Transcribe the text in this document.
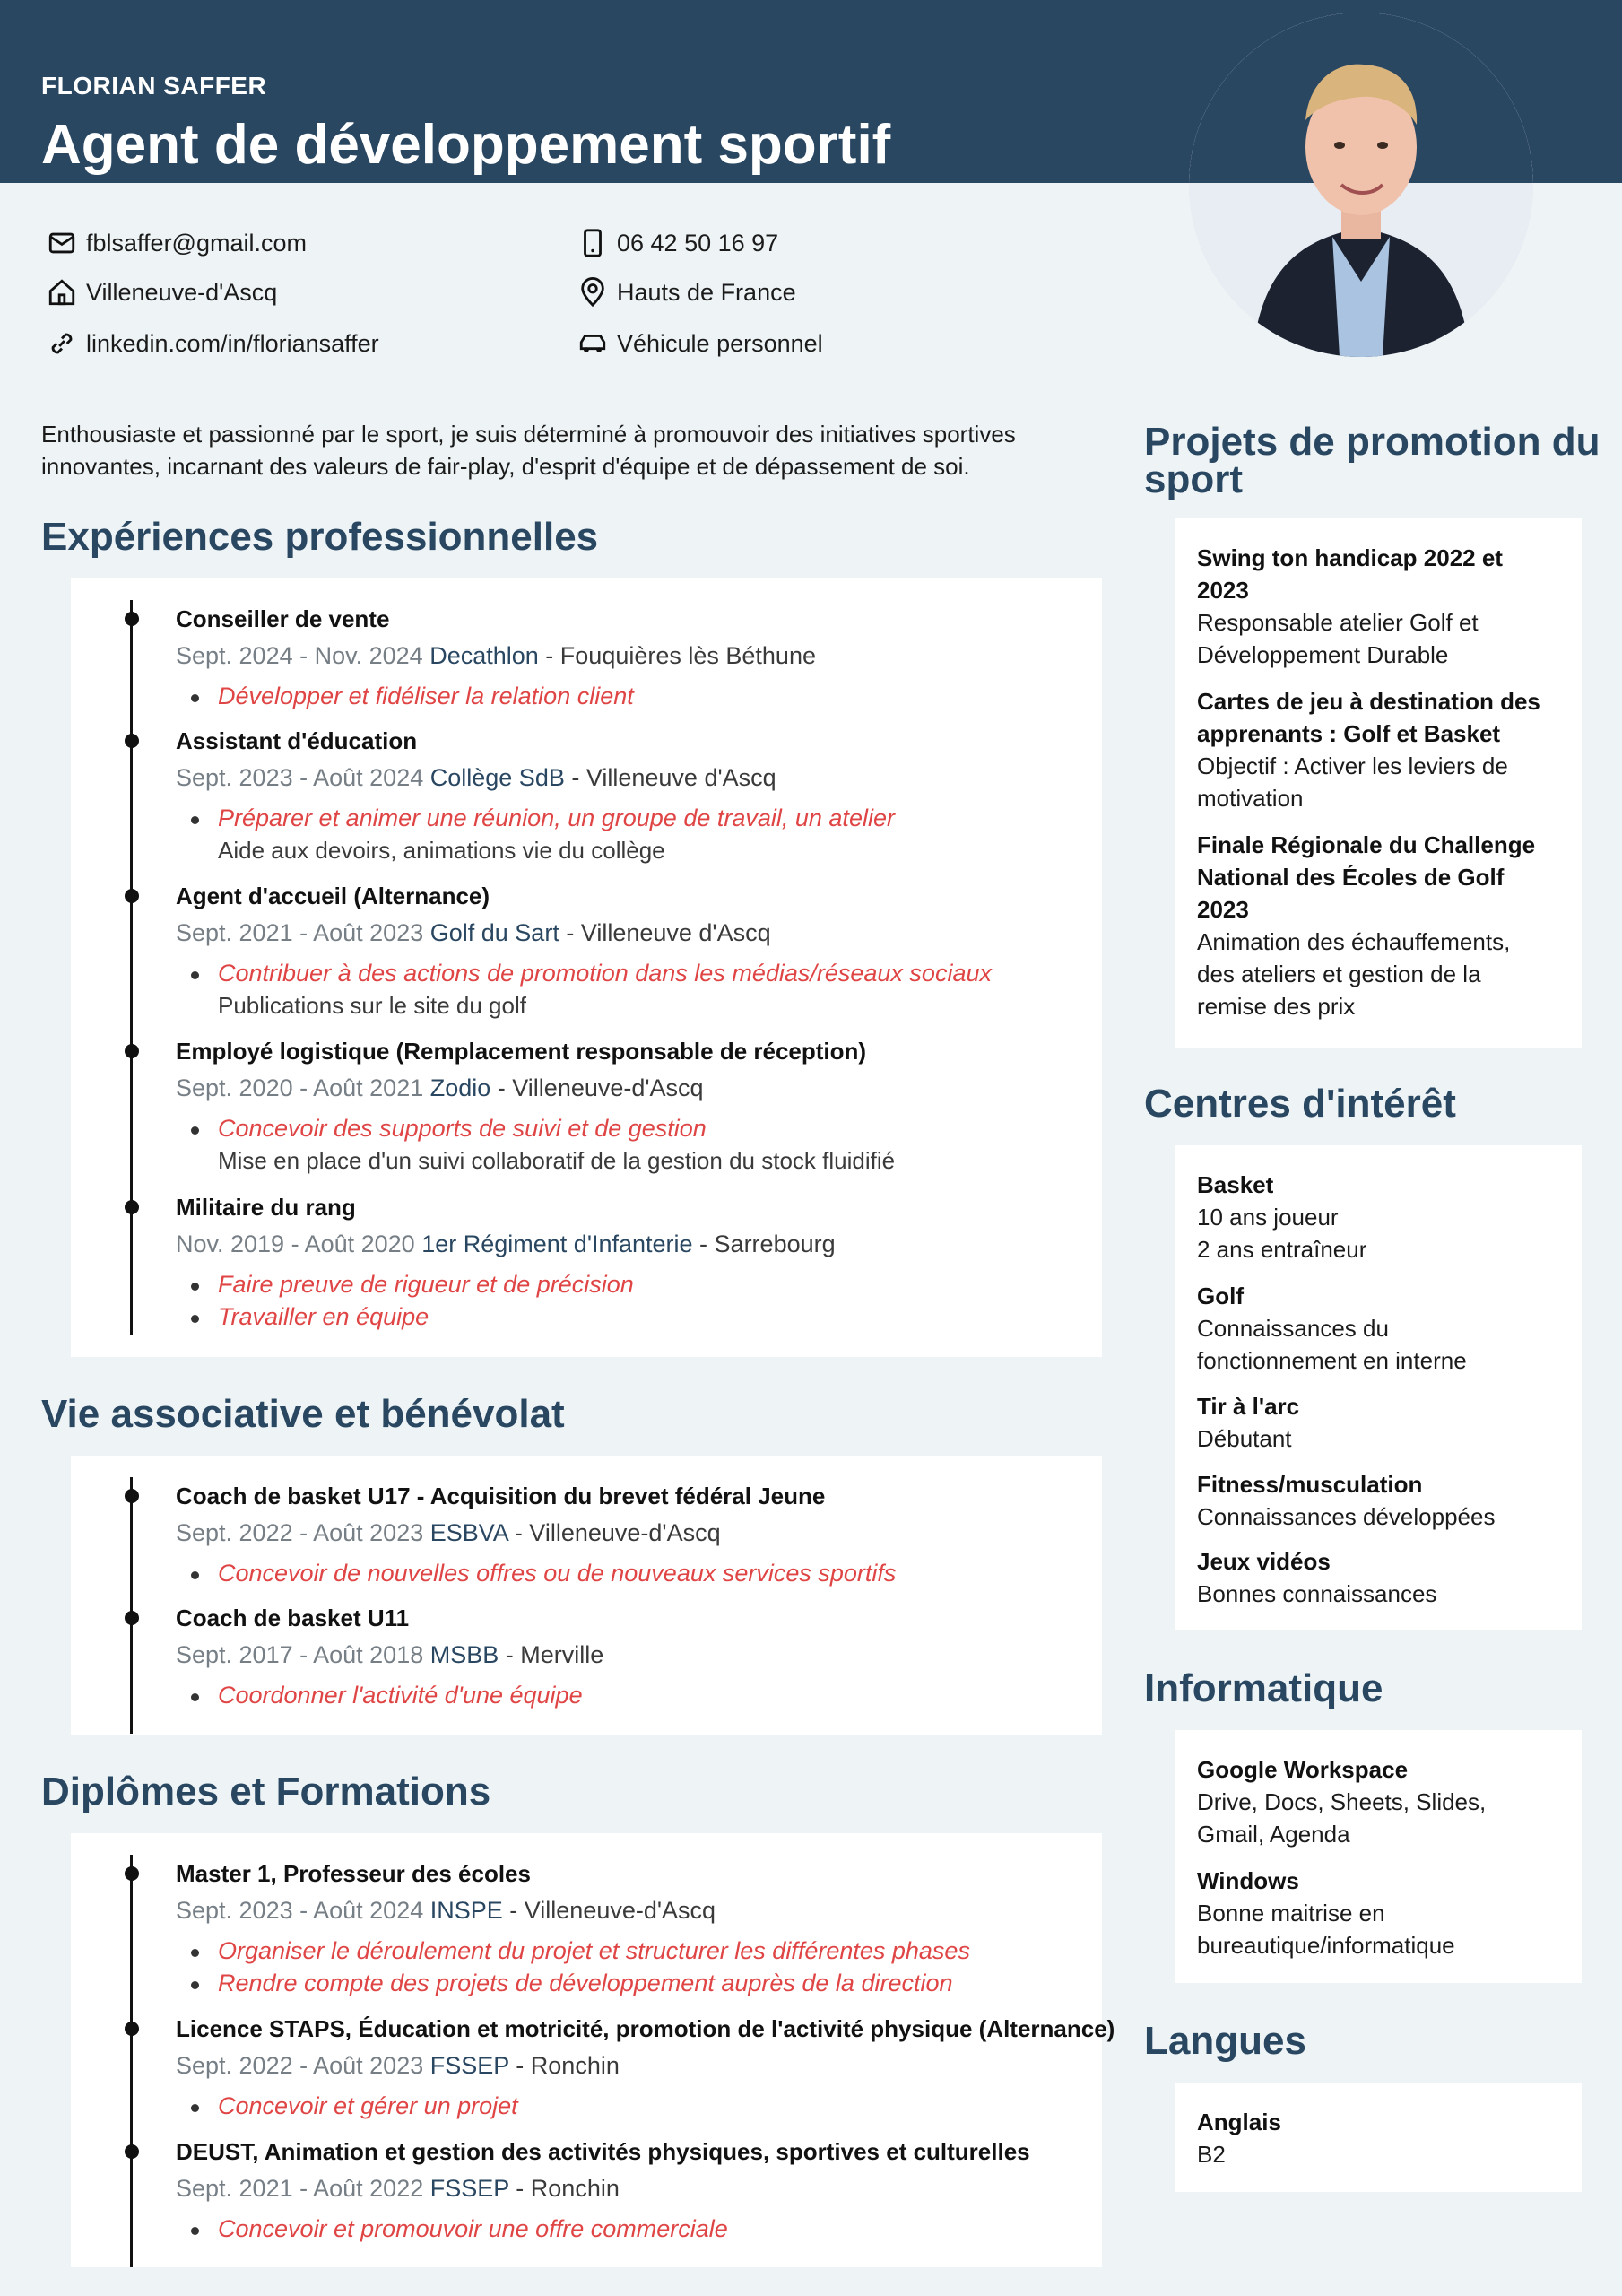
FLORIAN SAFFER
Agent de développement sportif
fblsaffer@gmail.com	06 42 50 16 97
Villeneuve-d'Ascq	Hauts de France
linkedin.com/in/floriansaffer	Véhicule personnel
Enthousiaste et passionné par le sport, je suis déterminé à promouvoir des initiatives sportives innovantes, incarnant des valeurs de fair-play, d'esprit d'équipe et de dépassement de soi.
Expériences professionnelles
Conseiller de vente
Sept. 2024 - Nov. 2024 Decathlon - Fouquières lès Béthune
Développer et fidéliser la relation client
Assistant d'éducation
Sept. 2023 - Août 2024 Collège SdB - Villeneuve d'Ascq
Préparer et animer une réunion, un groupe de travail, un atelier
Aide aux devoirs, animations vie du collège
Agent d'accueil (Alternance)
Sept. 2021 - Août 2023 Golf du Sart - Villeneuve d'Ascq
Contribuer à des actions de promotion dans les médias/réseaux sociaux
Publications sur le site du golf
Employé logistique (Remplacement responsable de réception)
Sept. 2020 - Août 2021 Zodio - Villeneuve-d'Ascq
Concevoir des supports de suivi et de gestion
Mise en place d'un suivi collaboratif de la gestion du stock fluidifié
Militaire du rang
Nov. 2019 - Août 2020 1er Régiment d'Infanterie - Sarrebourg
Faire preuve de rigueur et de précision
Travailler en équipe
Vie associative et bénévolat
Coach de basket U17 - Acquisition du brevet fédéral Jeune
Sept. 2022 - Août 2023 ESBVA - Villeneuve-d'Ascq
Concevoir de nouvelles offres ou de nouveaux services sportifs
Coach de basket U11
Sept. 2017 - Août 2018 MSBB - Merville
Coordonner l'activité d'une équipe
Diplômes et Formations
Master 1, Professeur des écoles
Sept. 2023 - Août 2024 INSPE - Villeneuve-d'Ascq
Organiser le déroulement du projet et structurer les différentes phases
Rendre compte des projets de développement auprès de la direction
Licence STAPS, Éducation et motricité, promotion de l'activité physique (Alternance)
Sept. 2022 - Août 2023 FSSEP - Ronchin
Concevoir et gérer un projet
DEUST, Animation et gestion des activités physiques, sportives et culturelles
Sept. 2021 - Août 2022 FSSEP - Ronchin
Concevoir et promouvoir une offre commerciale
Projets de promotion du
sport
Swing ton handicap 2022 et
2023
Responsable atelier Golf et
Développement Durable
Cartes de jeu à destination des
apprenants : Golf et Basket
Objectif : Activer les leviers de
motivation
Finale Régionale du Challenge
National des Écoles de Golf
2023
Animation des échauffements,
des ateliers et gestion de la
remise des prix
Centres d'intérêt
Basket
10 ans joueur
2 ans entraîneur
Golf
Connaissances du
fonctionnement en interne
Tir à l'arc
Débutant
Fitness/musculation
Connaissances développées
Jeux vidéos
Bonnes connaissances
Informatique
Google Workspace
Drive, Docs, Sheets, Slides,
Gmail, Agenda
Windows
Bonne maitrise en
bureautique/informatique
Langues
Anglais
B2
